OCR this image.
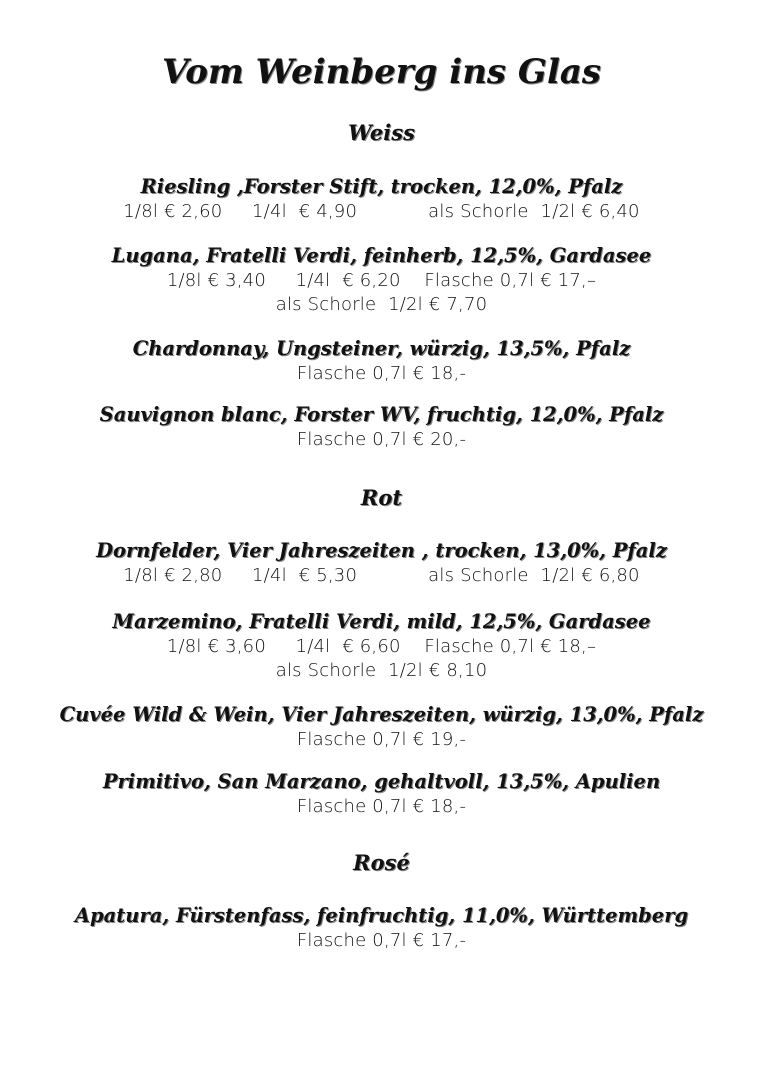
Vom Weinberg ins Glas
Weiss
Riesling ,Forster Stift, trocken, 12,0%, Pfalz
1/8l € 2,60     1/4l  € 4,90            als Schorle  1/2l € 6,40
Lugana, Fratelli Verdi, feinherb, 12,5%, Gardasee
1/8l € 3,40     1/4l  € 6,20    Flasche 0,7l € 17,–
als Schorle  1/2l € 7,70
Chardonnay, Ungsteiner, würzig, 13,5%, Pfalz
Flasche 0,7l € 18,-
Sauvignon blanc, Forster WV, fruchtig, 12,0%, Pfalz
Flasche 0,7l € 20,-
Rot
Dornfelder, Vier Jahreszeiten , trocken, 13,0%, Pfalz
1/8l € 2,80     1/4l  € 5,30            als Schorle  1/2l € 6,80
Marzemino, Fratelli Verdi, mild, 12,5%, Gardasee
1/8l € 3,60     1/4l  € 6,60    Flasche 0,7l € 18,–
als Schorle  1/2l € 8,10
Cuvée Wild & Wein, Vier Jahreszeiten, würzig, 13,0%, Pfalz
Flasche 0,7l € 19,-
Primitivo, San Marzano, gehaltvoll, 13,5%, Apulien
Flasche 0,7l € 18,-
Rosé
Apatura, Fürstenfass, feinfruchtig, 11,0%, Württemberg
Flasche 0,7l € 17,-
